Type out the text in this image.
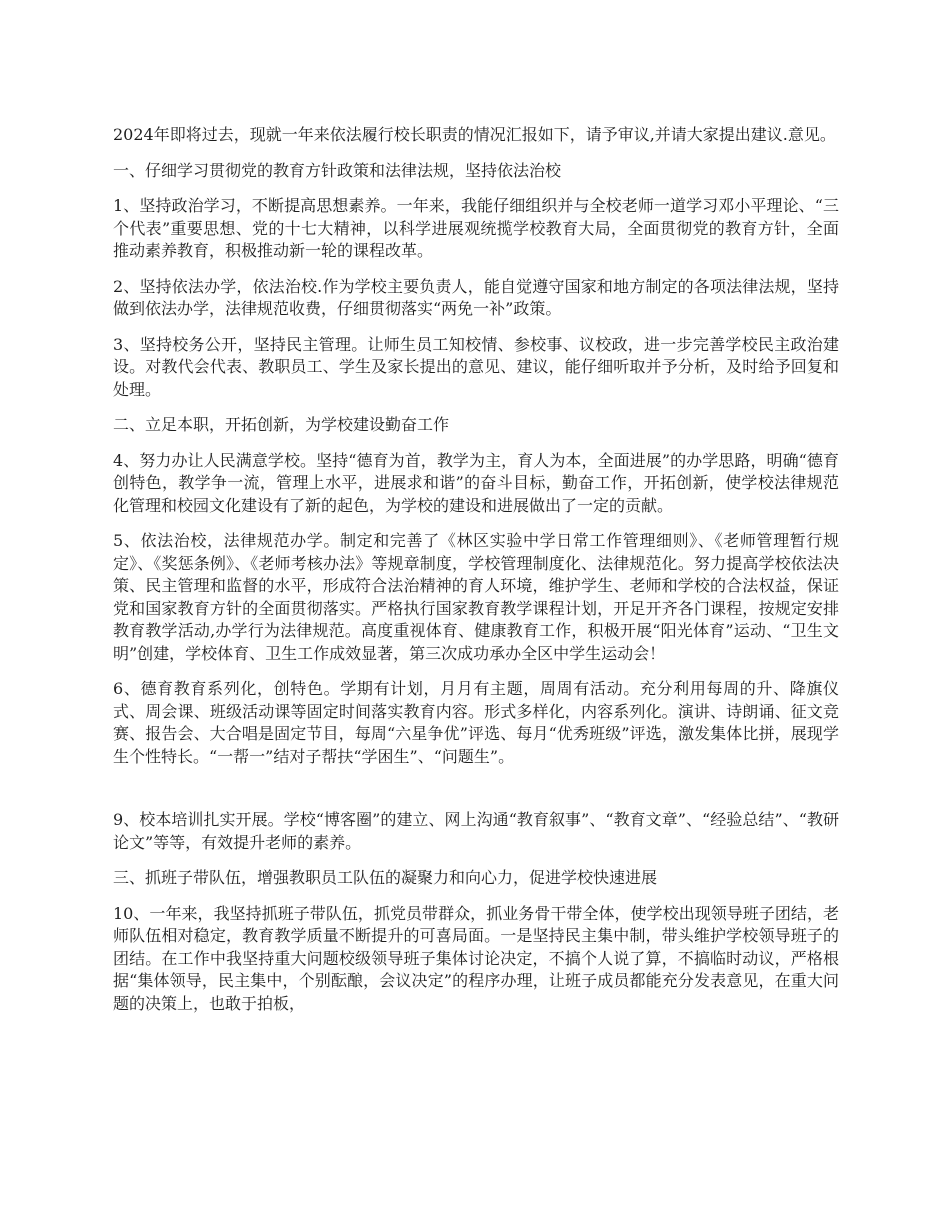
2024年即将过去，现就一年来依法履行校长职责的情况汇报如下，请予审议,并请大家提出建议.意见。

一、仔细学习贯彻党的教育方针政策和法律法规，坚持依法治校

1、坚持政治学习，不断提高思想素养。一年来，我能仔细组织并与全校老师一道学习邓小平理论、“三个代表”重要思想、党的十七大精神，以科学进展观统揽学校教育大局，全面贯彻党的教育方针，全面推动素养教育，积极推动新一轮的课程改革。

2、坚持依法办学，依法治校.作为学校主要负责人，能自觉遵守国家和地方制定的各项法律法规，坚持做到依法办学，法律规范收费，仔细贯彻落实“两免一补”政策。

3、坚持校务公开，坚持民主管理。让师生员工知校情、参校事、议校政，进一步完善学校民主政治建设。对教代会代表、教职员工、学生及家长提出的意见、建议，能仔细听取并予分析，及时给予回复和处理。

二、立足本职，开拓创新，为学校建设勤奋工作

4、努力办让人民满意学校。坚持“德育为首，教学为主，育人为本，全面进展”的办学思路，明确“德育创特色，教学争一流，管理上水平，进展求和谐”的奋斗目标，勤奋工作，开拓创新，使学校法律规范化管理和校园文化建设有了新的起色，为学校的建设和进展做出了一定的贡献。

5、依法治校，法律规范办学。制定和完善了《林区实验中学日常工作管理细则》、《老师管理暂行规定》、《奖惩条例》、《老师考核办法》等规章制度，学校管理制度化、法律规范化。努力提高学校依法决策、民主管理和监督的水平，形成符合法治精神的育人环境，维护学生、老师和学校的合法权益，保证党和国家教育方针的全面贯彻落实。严格执行国家教育教学课程计划，开足开齐各门课程，按规定安排教育教学活动,办学行为法律规范。高度重视体育、健康教育工作，积极开展“阳光体育”运动、“卫生文明”创建，学校体育、卫生工作成效显著，第三次成功承办全区中学生运动会！

6、德育教育系列化，创特色。学期有计划，月月有主题，周周有活动。充分利用每周的升、降旗仪式、周会课、班级活动课等固定时间落实教育内容。形式多样化，内容系列化。演讲、诗朗诵、征文竞赛、报告会、大合唱是固定节目，每周“六星争优”评选、每月“优秀班级”评选，激发集体比拼，展现学生个性特长。“一帮一”结对子帮扶“学困生”、“问题生”。

9、校本培训扎实开展。学校“博客圈”的建立、网上沟通“教育叙事”、“教育文章”、“经验总结”、“教研论文”等等，有效提升老师的素养。

三、抓班子带队伍，增强教职员工队伍的凝聚力和向心力，促进学校快速进展

10、一年来，我坚持抓班子带队伍，抓党员带群众，抓业务骨干带全体，使学校出现领导班子团结，老师队伍相对稳定，教育教学质量不断提升的可喜局面。一是坚持民主集中制，带头维护学校领导班子的团结。在工作中我坚持重大问题校级领导班子集体讨论决定，不搞个人说了算，不搞临时动议，严格根据“集体领导，民主集中，个别酝酿，会议决定”的程序办理，让班子成员都能充分发表意见，在重大问题的决策上，也敢于拍板，
